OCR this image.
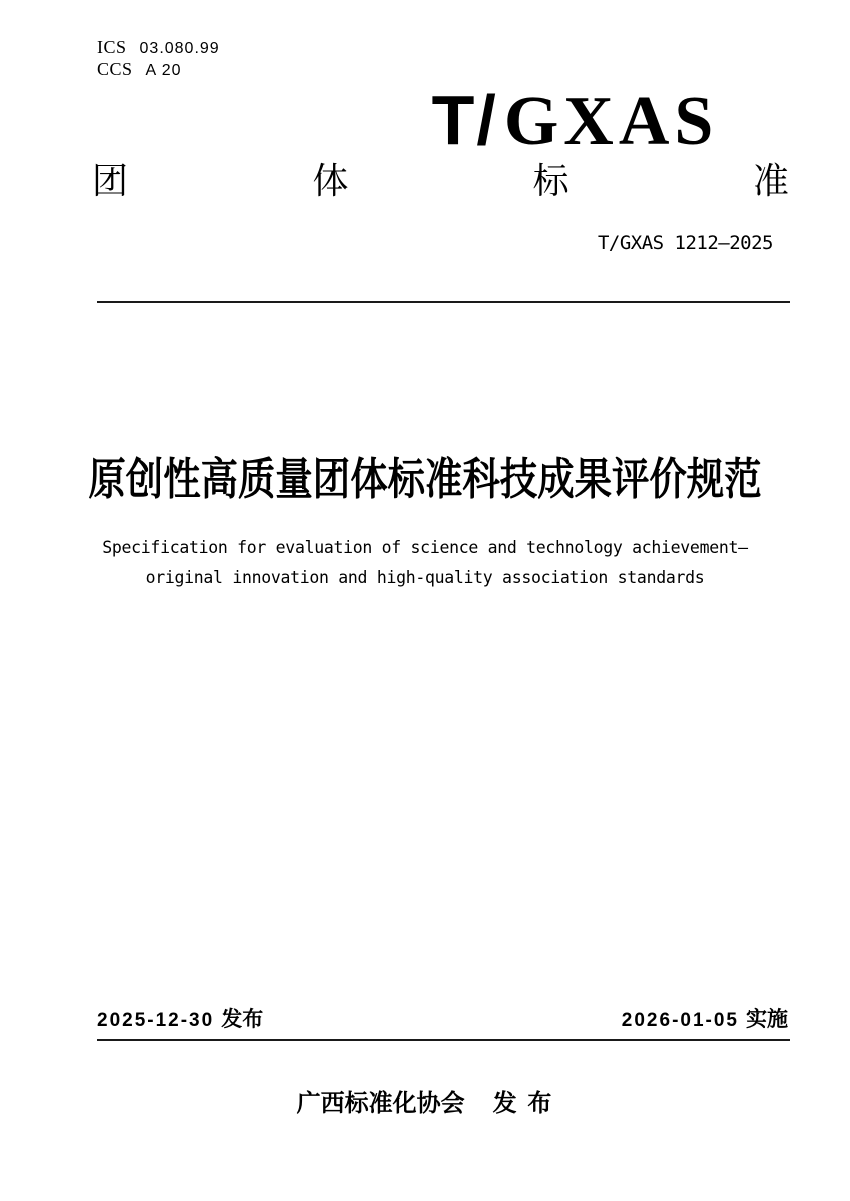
ICS 03.080.99
CCS A 20
T/GXAS
团	体	标	准
T/GXAS 1212—2025
原创性高质量团体标准科技成果评价规范
Specification for evaluation of science and technology achievement—
original innovation and high-quality association standards
2025-12-30 发布	2026-01-05 实施
广西标准化协会 发 布
